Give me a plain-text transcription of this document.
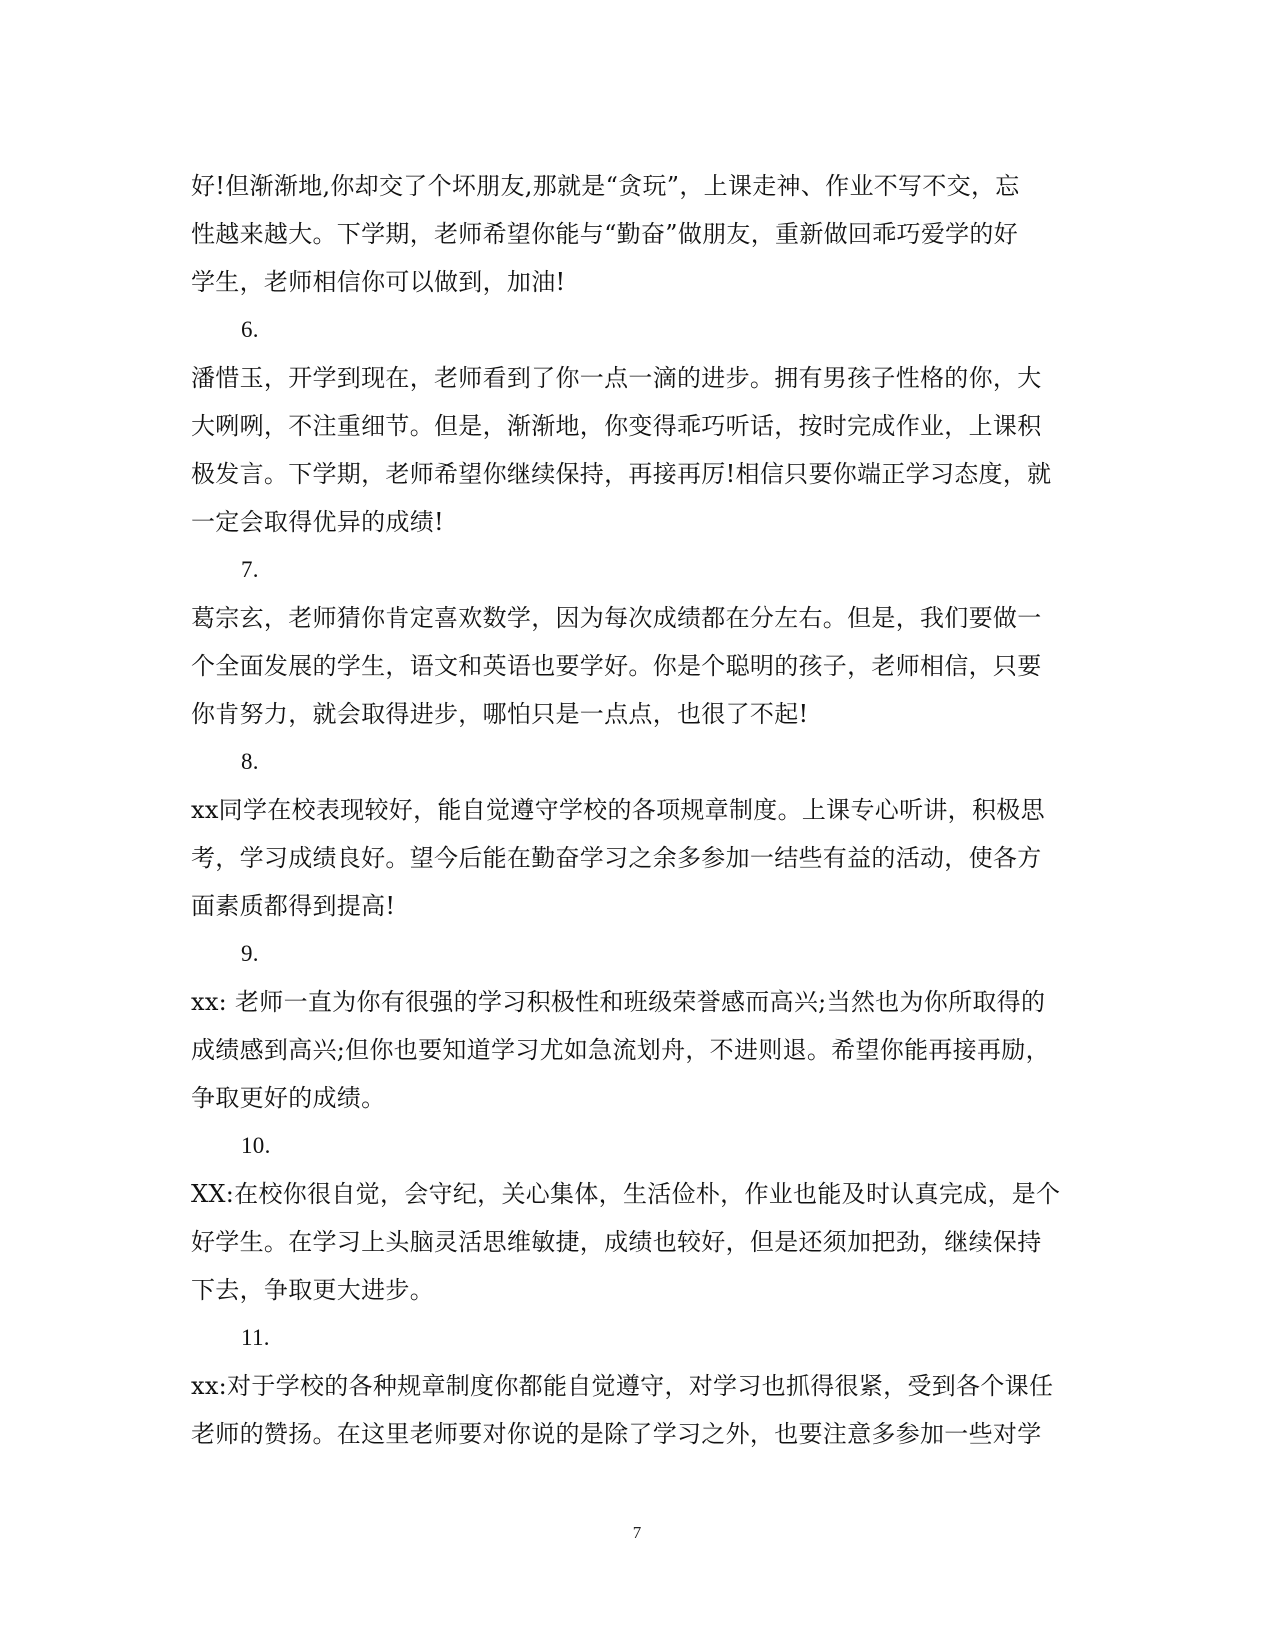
好!但渐渐地,你却交了个坏朋友,那就是“贪玩”，上课走神、作业不写不交，忘
性越来越大。下学期，老师希望你能与“勤奋”做朋友，重新做回乖巧爱学的好
学生，老师相信你可以做到，加油!
6.
潘惜玉，开学到现在，老师看到了你一点一滴的进步。拥有男孩子性格的你，大
大咧咧，不注重细节。但是，渐渐地，你变得乖巧听话，按时完成作业，上课积
极发言。下学期，老师希望你继续保持，再接再厉!相信只要你端正学习态度，就
一定会取得优异的成绩!
7.
葛宗玄，老师猜你肯定喜欢数学，因为每次成绩都在分左右。但是，我们要做一
个全面发展的学生，语文和英语也要学好。你是个聪明的孩子，老师相信，只要
你肯努力，就会取得进步，哪怕只是一点点，也很了不起!
8.
xx同学在校表现较好，能自觉遵守学校的各项规章制度。上课专心听讲，积极思
考，学习成绩良好。望今后能在勤奋学习之余多参加一结些有益的活动，使各方
面素质都得到提高!
9.
xx: 老师一直为你有很强的学习积极性和班级荣誉感而高兴;当然也为你所取得的
成绩感到高兴;但你也要知道学习尤如急流划舟，不进则退。希望你能再接再励，
争取更好的成绩。
10.
XX:在校你很自觉，会守纪，关心集体，生活俭朴，作业也能及时认真完成，是个
好学生。在学习上头脑灵活思维敏捷，成绩也较好，但是还须加把劲，继续保持
下去，争取更大进步。
11.
xx:对于学校的各种规章制度你都能自觉遵守，对学习也抓得很紧，受到各个课任
老师的赞扬。在这里老师要对你说的是除了学习之外，也要注意多参加一些对学
7
